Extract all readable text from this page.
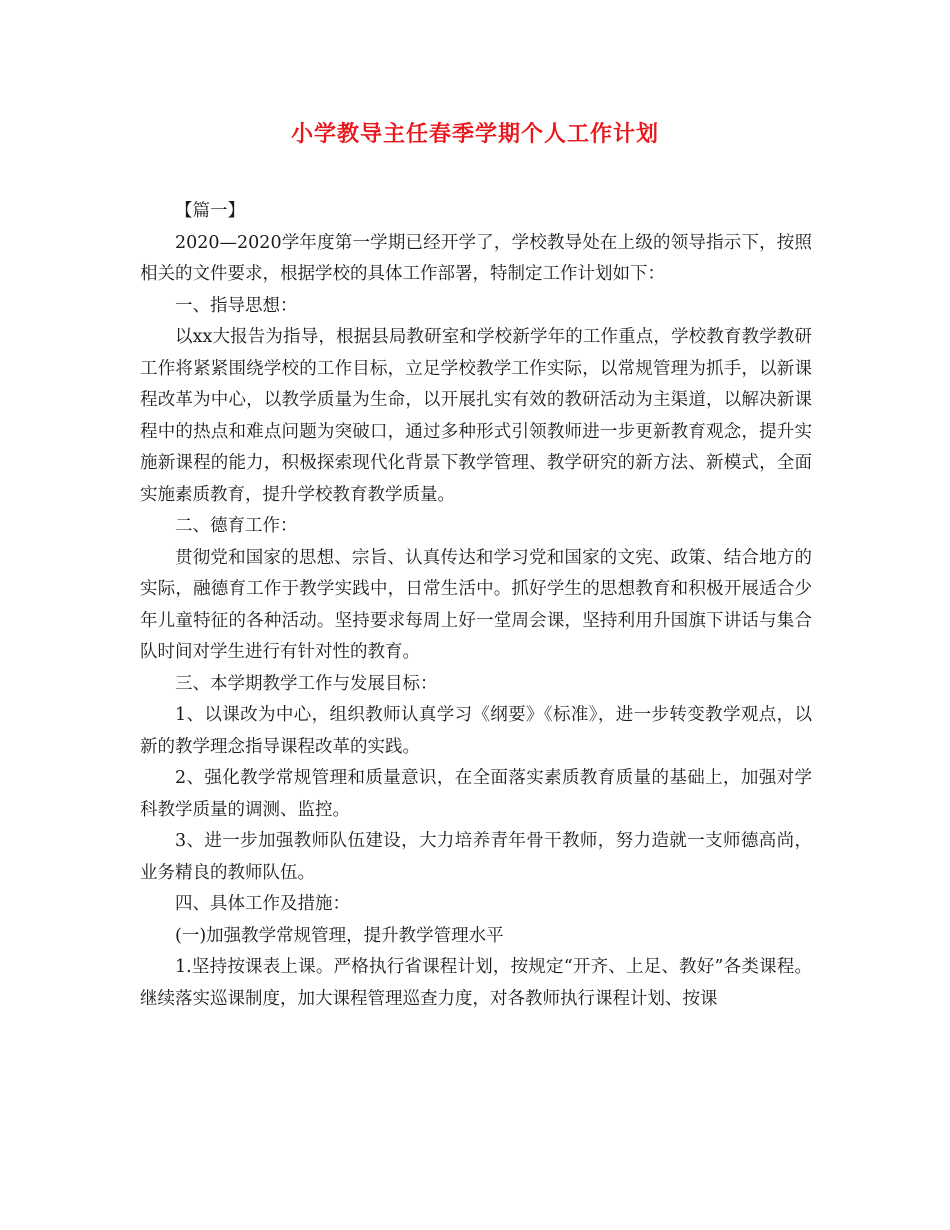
小学教导主任春季学期个人工作计划

【篇一】

2020—2020学年度第一学期已经开学了，学校教导处在上级的领导指示下，按照相关的文件要求，根据学校的具体工作部署，特制定工作计划如下：

一、指导思想：

以xx大报告为指导，根据县局教研室和学校新学年的工作重点，学校教育教学教研工作将紧紧围绕学校的工作目标，立足学校教学工作实际，以常规管理为抓手，以新课程改革为中心，以教学质量为生命，以开展扎实有效的教研活动为主渠道，以解决新课程中的热点和难点问题为突破口，通过多种形式引领教师进一步更新教育观念，提升实施新课程的能力，积极探索现代化背景下教学管理、教学研究的新方法、新模式，全面实施素质教育，提升学校教育教学质量。

二、德育工作：

贯彻党和国家的思想、宗旨、认真传达和学习党和国家的文宪、政策、结合地方的实际，融德育工作于教学实践中，日常生活中。抓好学生的思想教育和积极开展适合少年儿童特征的各种活动。坚持要求每周上好一堂周会课，坚持利用升国旗下讲话与集合队时间对学生进行有针对性的教育。

三、本学期教学工作与发展目标：

1、以课改为中心，组织教师认真学习《纲要》《标准》，进一步转变教学观点，以新的教学理念指导课程改革的实践。

2、强化教学常规管理和质量意识，在全面落实素质教育质量的基础上，加强对学科教学质量的调测、监控。

3、进一步加强教师队伍建设，大力培养青年骨干教师，努力造就一支师德高尚，业务精良的教师队伍。

四、具体工作及措施：

(一)加强教学常规管理，提升教学管理水平

1.坚持按课表上课。严格执行省课程计划，按规定“开齐、上足、教好”各类课程。继续落实巡课制度，加大课程管理巡查力度，对各教师执行课程计划、按课
